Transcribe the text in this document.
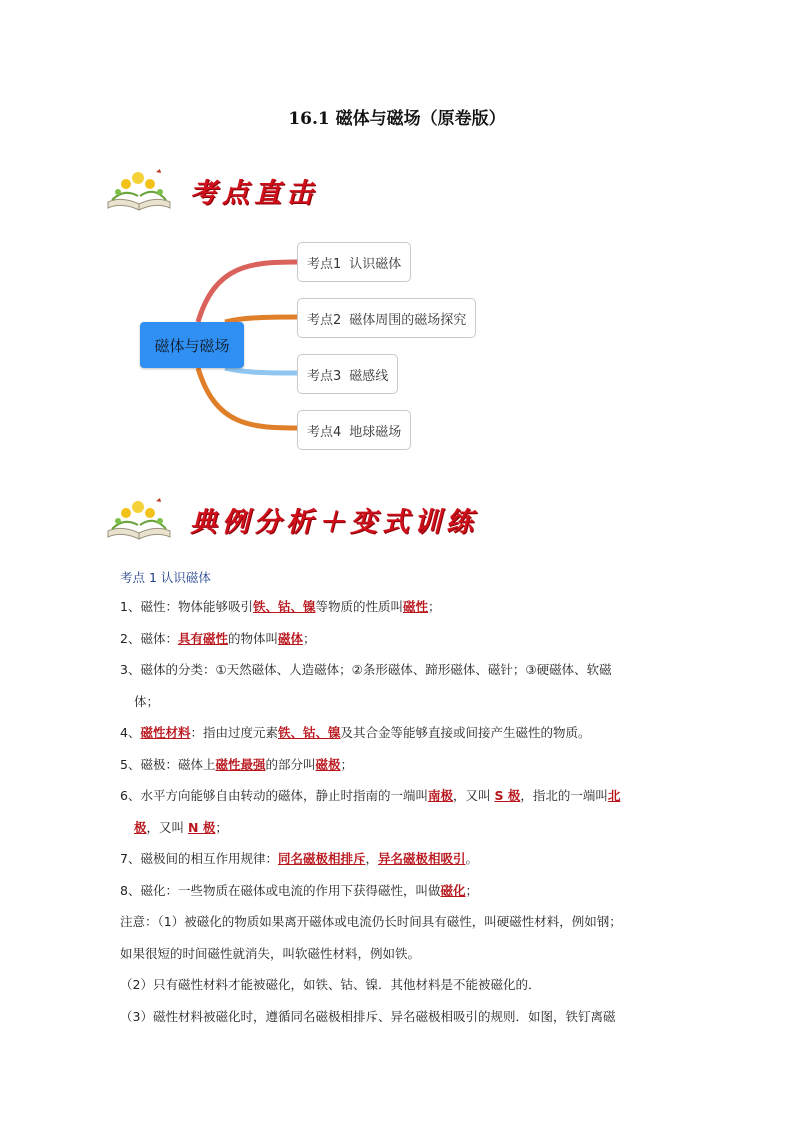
16.1 磁体与磁场（原卷版）
考点直击
磁体与磁场
考点1 认识磁体
考点2 磁体周围的磁场探究
考点3 磁感线
考点4 地球磁场
典例分析＋变式训练
考点 1 认识磁体
1、磁性：物体能够吸引铁、钴、镍等物质的性质叫磁性；
2、磁体：具有磁性的物体叫磁体；
3、磁体的分类：①天然磁体、人造磁体；②条形磁体、蹄形磁体、磁针；③硬磁体、软磁
体；
4、磁性材料：指由过度元素铁、钴、镍及其合金等能够直接或间接产生磁性的物质。
5、磁极：磁体上磁性最强的部分叫磁极；
6、水平方向能够自由转动的磁体，静止时指南的一端叫南极，又叫 S 极，指北的一端叫北
极，又叫 N 极；
7、磁极间的相互作用规律：同名磁极相排斥，异名磁极相吸引。
8、磁化：一些物质在磁体或电流的作用下获得磁性，叫做磁化；
注意：（1）被磁化的物质如果离开磁体或电流仍长时间具有磁性，叫硬磁性材料，例如钢；
如果很短的时间磁性就消失，叫软磁性材料，例如铁。
（2）只有磁性材料才能被磁化，如铁、钴、镍．其他材料是不能被磁化的．
（3）磁性材料被磁化时，遵循同名磁极相排斥、异名磁极相吸引的规则．如图，铁钉离磁
